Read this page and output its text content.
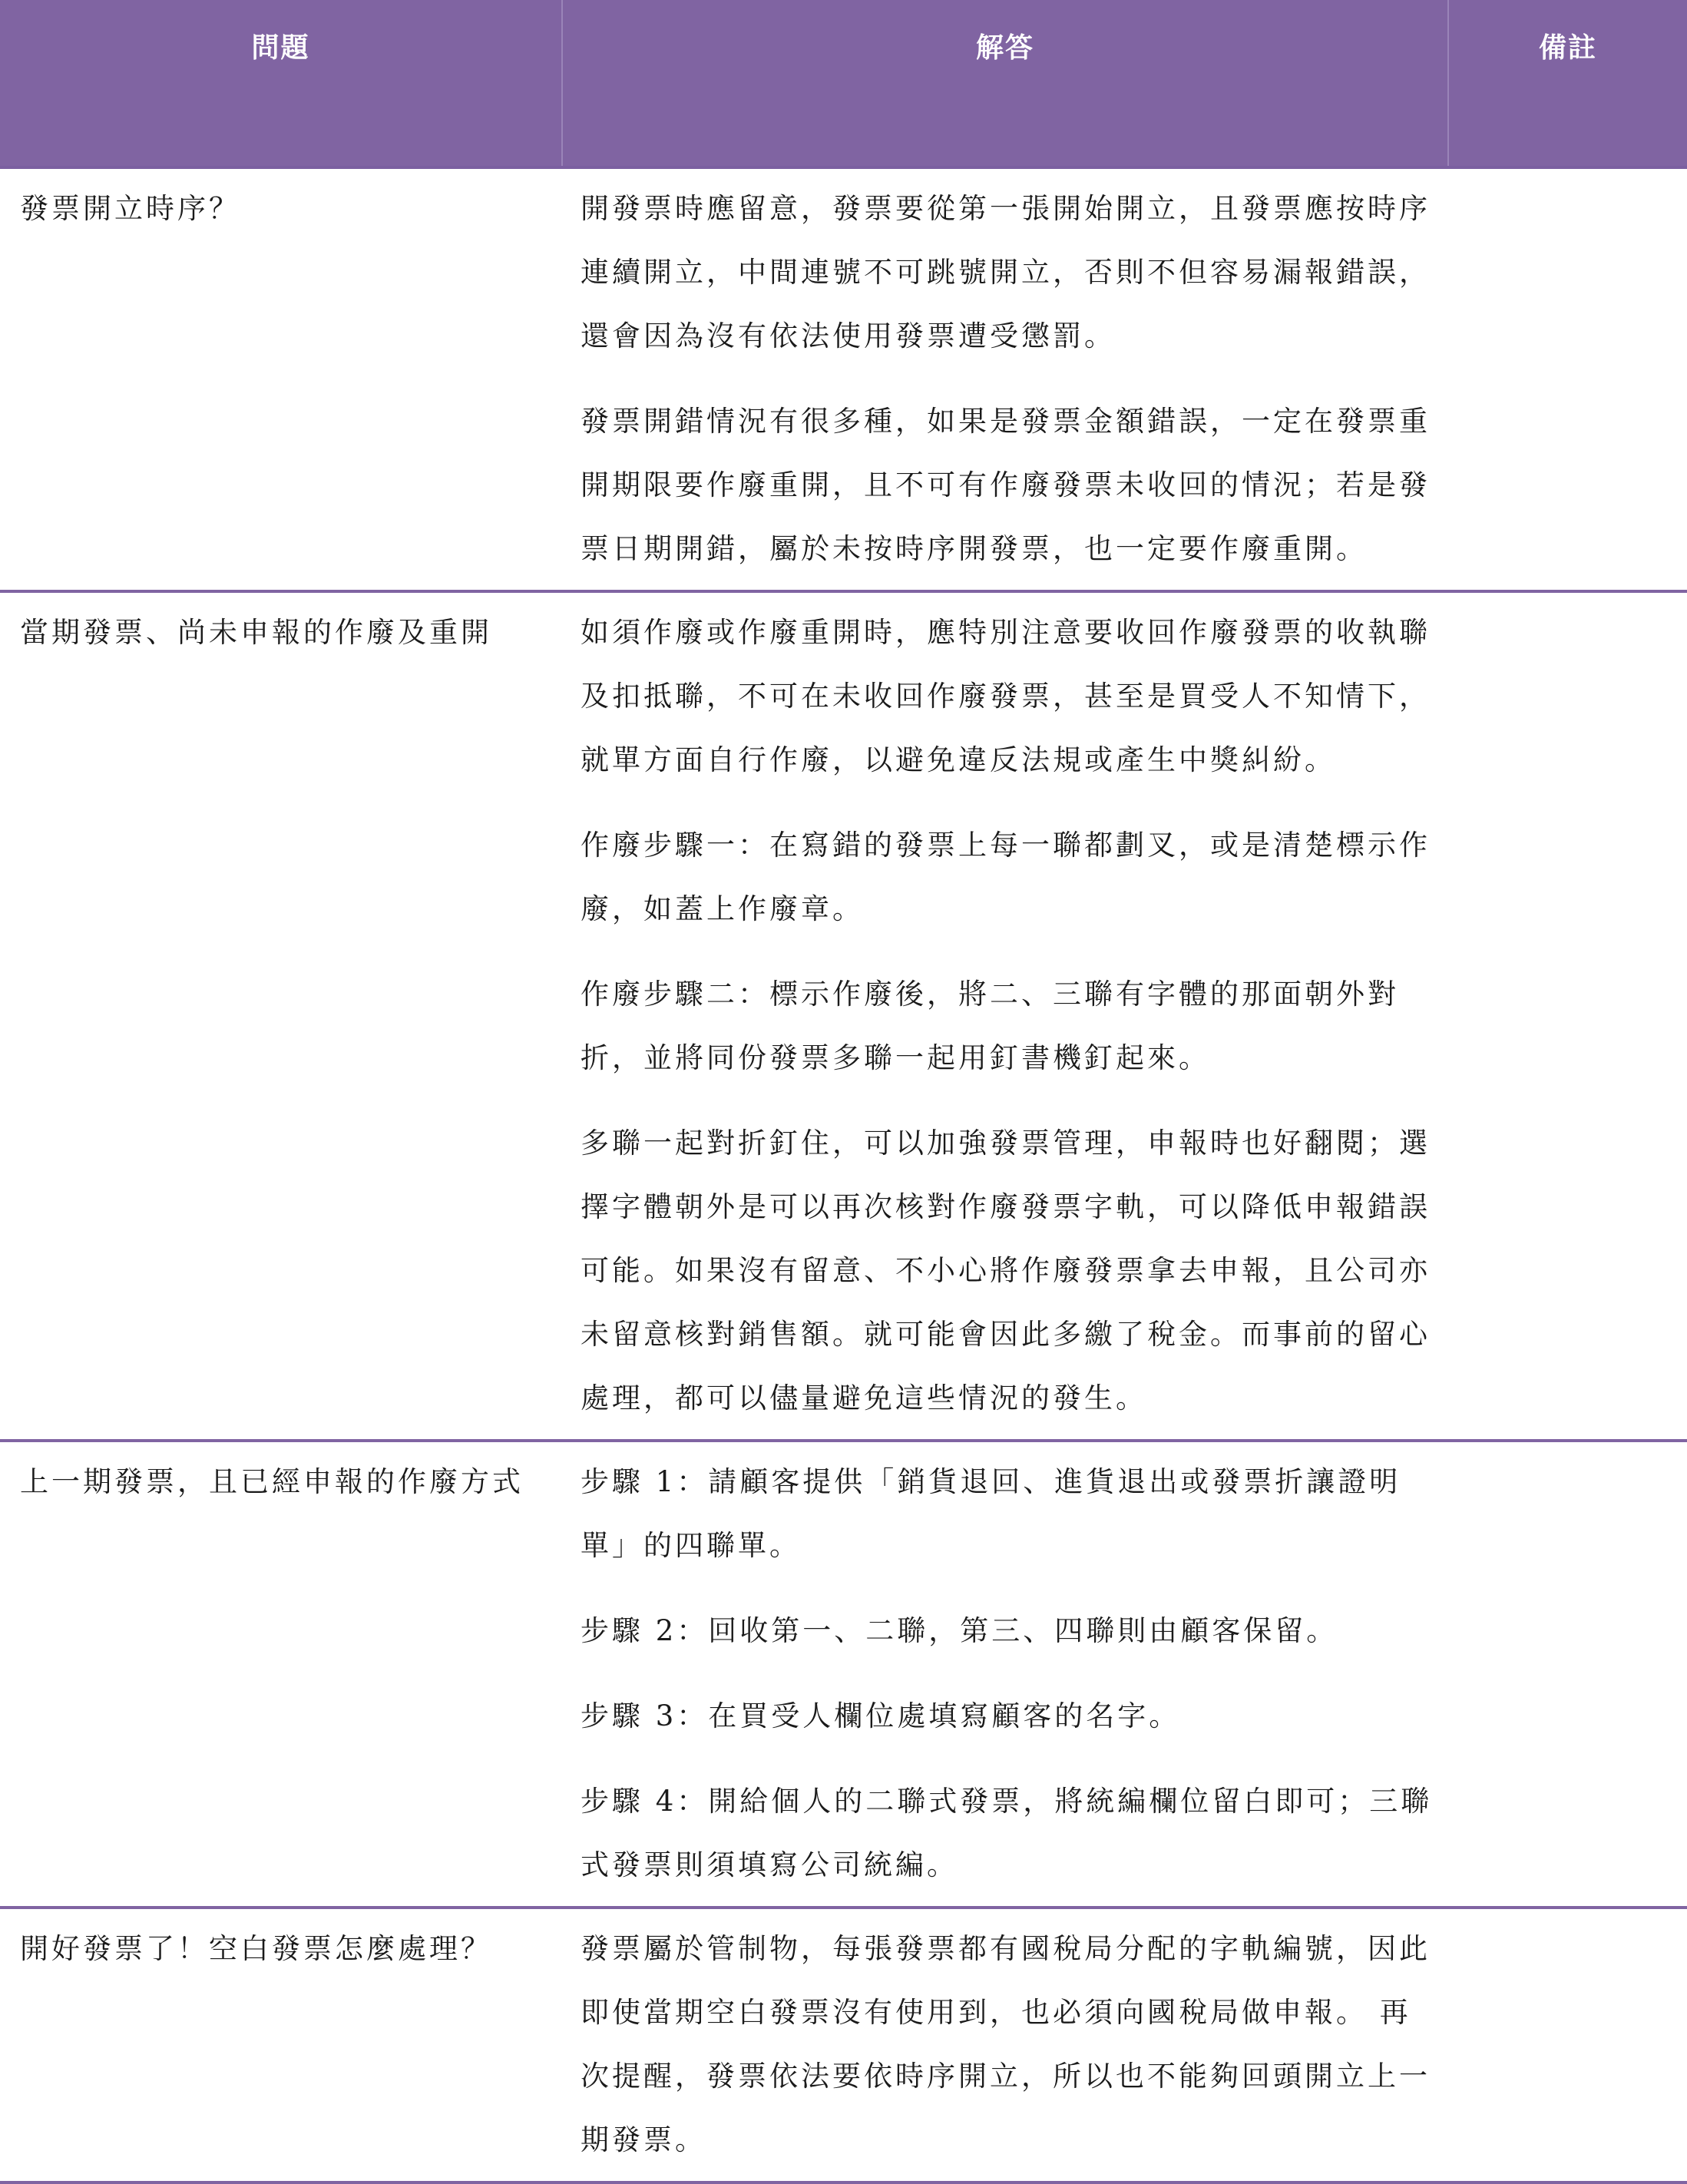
問題	解答	備註

發票開立時序？	開發票時應留意，發票要從第一張開始開立，且發票應按時序連續開立，中間連號不可跳號開立，否則不但容易漏報錯誤，還會因為沒有依法使用發票遭受懲罰。

發票開錯情況有很多種，如果是發票金額錯誤，一定在發票重開期限要作廢重開，且不可有作廢發票未收回的情況；若是發票日期開錯，屬於未按時序開發票，也一定要作廢重開。	

當期發票、尚未申報的作廢及重開	如須作廢或作廢重開時，應特別注意要收回作廢發票的收執聯及扣抵聯，不可在未收回作廢發票，甚至是買受人不知情下，就單方面自行作廢，以避免違反法規或產生中獎糾紛。

作廢步驟一：在寫錯的發票上每一聯都劃叉，或是清楚標示作廢，如蓋上作廢章。

作廢步驟二：標示作廢後，將二、三聯有字體的那面朝外對折，並將同份發票多聯一起用釘書機釘起來。

多聯一起對折釘住，可以加強發票管理，申報時也好翻閱；選擇字體朝外是可以再次核對作廢發票字軌，可以降低申報錯誤可能。如果沒有留意、不小心將作廢發票拿去申報，且公司亦未留意核對銷售額。就可能會因此多繳了稅金。而事前的留心處理，都可以儘量避免這些情況的發生。	

上一期發票，且已經申報的作廢方式	步驟 1：請顧客提供「銷貨退回、進貨退出或發票折讓證明單」的四聯單。

步驟 2：回收第一、二聯，第三、四聯則由顧客保留。

步驟 3：在買受人欄位處填寫顧客的名字。

步驟 4：開給個人的二聯式發票，將統編欄位留白即可；三聯式發票則須填寫公司統編。	

開好發票了！空白發票怎麼處理？	發票屬於管制物，每張發票都有國稅局分配的字軌編號，因此即使當期空白發票沒有使用到，也必須向國稅局做申報。 再次提醒，發票依法要依時序開立，所以也不能夠回頭開立上一期發票。	
